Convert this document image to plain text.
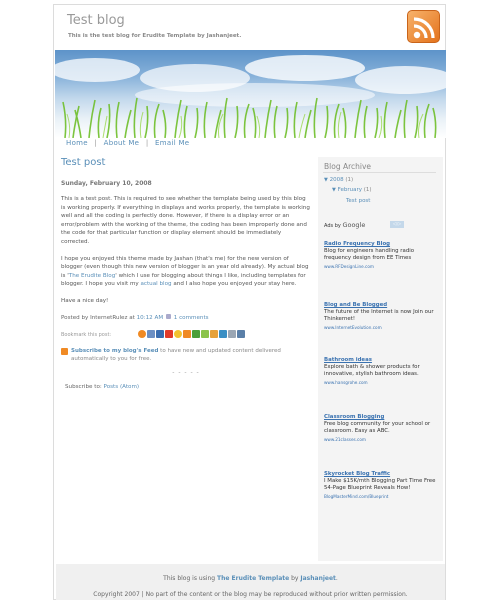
Test blog
This is the test blog for Erudite Template by Jashanjeet.
Home | About Me | Email Me
Test post
Sunday, February 10, 2008

This is a test post. This is required to see whether the template being used by this blog is working properly. If everything in displays and works properly, the template is working well and all the coding is perfectly done. However, if there is a display error or an error/problem with the working of the theme, the coding has been improperly done and the code for that particular function or display element should be immediately corrected.

I hope you enjoyed this theme made by Jashan (that's me) for the new version of blogger (even though this new version of blogger is an year old already). My actual blog is 'The Erudite Blog' which I use for blogging about things I like, including templates for blogger. I hope you visit my actual blog and I also hope you enjoyed your stay here.

Have a nice day!

Posted by InternetRulez at 10:12 AM 1 comments
Bookmark this post:
Subscribe to my blog's Feed to have new and updated content delivered automatically to you for free.
- - - - -
Subscribe to: Posts (Atom)
Blog Archive
▼ 2008 (1)
▼ February (1)
Test post
Ads by Google	◁ ▷
Radio Frequency Blog
Blog for engineers handling radio frequency design from EE Times
www.RFDesignLine.com
Blog and Be Blogged
The future of the Internet is now Join our Thinkernet!
www.InternetEvolution.com
Bathroom ideas
Explore bath & shower products for innovative, stylish bathroom ideas.
www.hansgrohe.com
Classroom Blogging
Free blog community for your school or classroom. Easy as ABC.
www.21classes.com
Skyrocket Blog Traffic
I Make $15K/mth Blogging Part Time Free 54-Page Blueprint Reveals How!
BlogMasterMind.com/Blueprint
This blog is using The Erudite Template by Jashanjeet.
Copyright 2007 | No part of the content or the blog may be reproduced without prior written permission.
